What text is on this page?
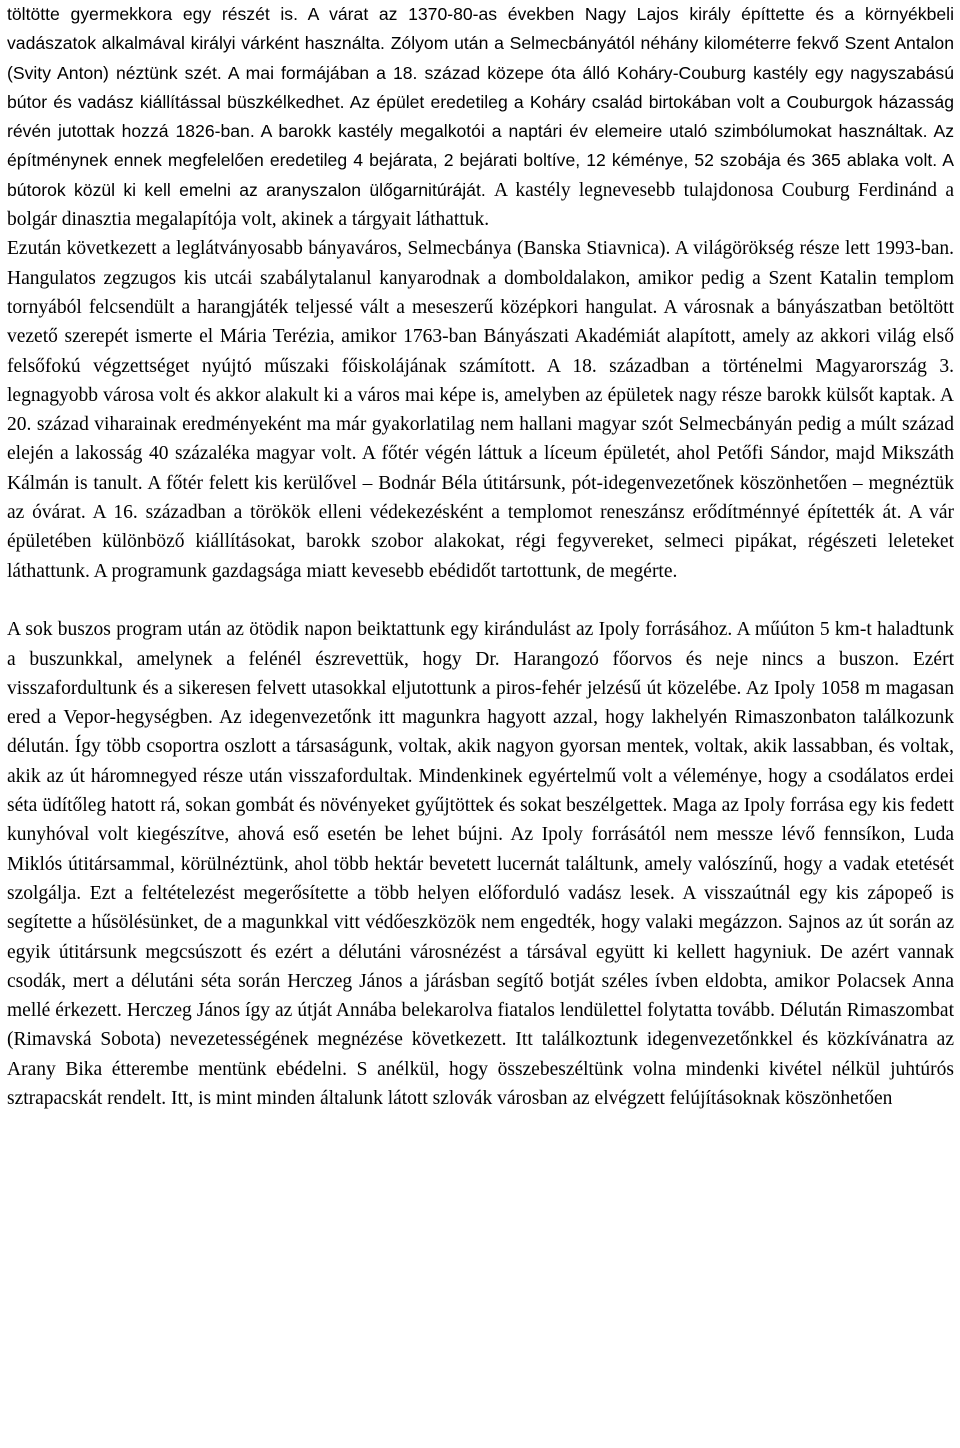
töltötte gyermekkora egy részét is. A várat az 1370-80-as években Nagy Lajos király építtette és a környékbeli vadászatok alkalmával királyi várként használta. Zólyom után a Selmecbányától néhány kilométerre fekvő Szent Antalon (Svity Anton) néztünk szét. A mai formájában a 18. század közepe óta álló Koháry-Couburg kastély egy nagyszabású bútor és vadász kiállítással büszkélkedhet. Az épület eredetileg a Koháry család birtokában volt a Couburgok házasság révén jutottak hozzá 1826-ban. A barokk kastély megalkotói a naptári év elemeire utaló szimbólumokat használtak. Az építménynek ennek megfelelően eredetileg 4 bejárata, 2 bejárati boltíve, 12 kéménye, 52 szobája és 365 ablaka volt. A bútorok közül ki kell emelni az aranyszalon ülőgarnitúráját. A kastély legnevesebb tulajdonosa Couburg Ferdinánd a bolgár dinasztia megalapítója volt, akinek a tárgyait láthattuk.

Ezután következett a leglátványosabb bányaváros, Selmecbánya (Banska Stiavnica). A világörökség része lett 1993-ban. Hangulatos zegzugos kis utcái szabálytalanul kanyarodnak a domboldalakon, amikor pedig a Szent Katalin templom tornyából felcsendült a harangjáték teljessé vált a meseszerű középkori hangulat. A városnak a bányászatban betöltött vezető szerepét ismerte el Mária Terézia, amikor 1763-ban Bányászati Akadémiát alapított, amely az akkori világ első felsőfokú végzettséget nyújtó műszaki főiskolájának számított. A 18. században a történelmi Magyarország 3. legnagyobb városa volt és akkor alakult ki a város mai képe is, amelyben az épületek nagy része barokk külsőt kaptak. A 20. század viharainak eredményeként ma már gyakorlatilag nem hallani magyar szót Selmecbányán pedig a múlt század elején a lakosság 40 százaléka magyar volt. A főtér végén láttuk a líceum épületét, ahol Petőfi Sándor, majd Mikszáth Kálmán is tanult. A főtér felett kis kerülővel – Bodnár Béla útitársunk, pót-idegenvezetőnek köszönhetően – megnéztük az óvárat. A 16. században a törökök elleni védekezésként a templomot reneszánsz erődítménnyé építették át. A vár épületében különböző kiállításokat, barokk szobor alakokat, régi fegyvereket, selmeci pipákat, régészeti leleteket láthattunk. A programunk gazdagsága miatt kevesebb ebédidőt tartottunk, de megérte.

A sok buszos program után az ötödik napon beiktattunk egy kirándulást az Ipoly forrásához. A műúton 5 km-t haladtunk a buszunkkal, amelynek a felénél észrevettük, hogy Dr. Harangozó főorvos és neje nincs a buszon. Ezért visszafordultunk és a sikeresen felvett utasokkal eljutottunk a piros-fehér jelzésű út közelébe. Az Ipoly 1058 m magasan ered a Vepor-hegységben. Az idegenvezetőnk itt magunkra hagyott azzal, hogy lakhelyén Rimaszonbaton találkozunk délután. Így több csoportra oszlott a társaságunk, voltak, akik nagyon gyorsan mentek, voltak, akik lassabban, és voltak, akik az út háromnegyed része után visszafordultak. Mindenkinek egyértelmű volt a véleménye, hogy a csodálatos erdei séta üdítőleg hatott rá, sokan gombát és növényeket gyűjtöttek és sokat beszélgettek. Maga az Ipoly forrása egy kis fedett kunyhóval volt kiegészítve, ahová eső esetén be lehet bújni. Az Ipoly forrásától nem messze lévő fennsíkon, Luda Miklós útitársammal, körülnéztünk, ahol több hektár bevetett lucernát találtunk, amely valószínű, hogy a vadak etetését szolgálja. Ezt a feltételezést megerősítette a több helyen előforduló vadász lesek. A visszaútnál egy kis zápореő is segítette a hűsölésünket, de a magunkkal vitt védőeszközök nem engedték, hogy valaki megázzon. Sajnos az út során az egyik útitársunk megcsúszott és ezért a délutáni városnézést a társával együtt ki kellett hagyniuk. De azért vannak csodák, mert a délutáni séta során Herczeg János a járásban segítő botját széles ívben eldobta, amikor Polacsek Anna mellé érkezett. Herczeg János így az útját Annába belekarolva fiatalos lendülettel folytatta tovább. Délután Rimaszombat (Rimavská Sobota) nevezetességének megnézése következett. Itt találkoztunk idegenvezetőnkkel és közkívánatra az Arany Bika étterembe mentünk ebédelni. S anélkül, hogy összebeszéltünk volna mindenki kivétel nélkül juhtúrós sztrapacskát rendelt. Itt, is mint minden általunk látott szlovák városban az elvégzett felújításoknak köszönhetően
